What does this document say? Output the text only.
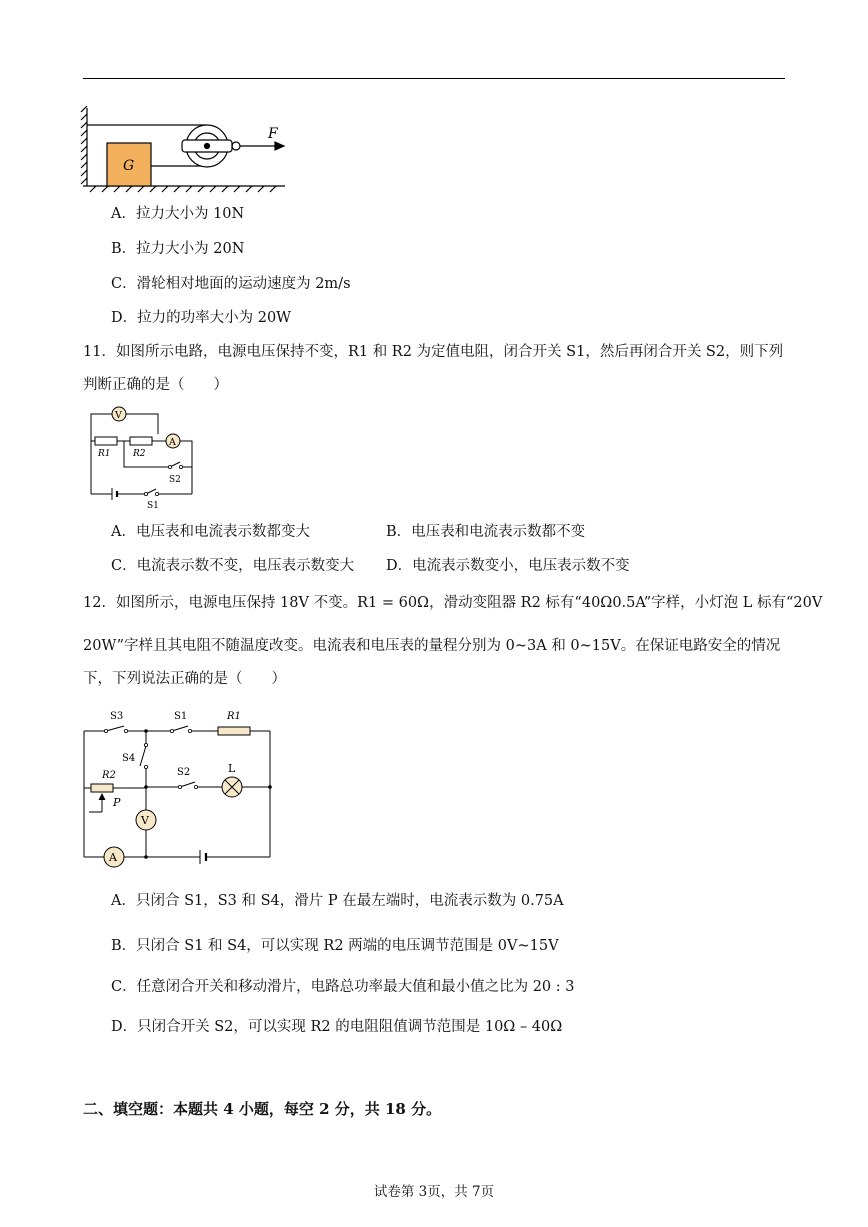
G
F
A．拉力大小为 10N
B．拉力大小为 20N
C．滑轮相对地面的运动速度为 2m/s
D．拉力的功率大小为 20W
11．如图所示电路，电源电压保持不变，R1 和 R2 为定值电阻，闭合开关 S1，然后再闭合开关 S2，则下列
判断正确的是（　　）
V
A
R1 R2
S2
S1
A．电压表和电流表示数都变大	B．电压表和电流表示数都不变
C．电流表示数不变，电压表示数变大 D．电流表示数变小，电压表示数不变
12．如图所示，电源电压保持 18V 不变。R1 = 60Ω，滑动变阻器 R2 标有“40Ω0.5A”字样，小灯泡 L 标有“20V
20W”字样且其电阻不随温度改变。电流表和电压表的量程分别为 0~3A 和 0~15V。在保证电路安全的情况
下，下列说法正确的是（　　）
V
A
S3	S1	R1
S4
R2	S2	L
P
A．只闭合 S1，S3 和 S4，滑片 P 在最左端时，电流表示数为 0.75A
B．只闭合 S1 和 S4，可以实现 R2 两端的电压调节范围是 0V~15V
C．任意闭合开关和移动滑片，电路总功率最大值和最小值之比为 20 : 3
D．只闭合开关 S2，可以实现 R2 的电阻阻值调节范围是 10Ω – 40Ω
二、填空题：本题共 4 小题，每空 2 分，共 18 分。
试卷第 3页，共 7页
